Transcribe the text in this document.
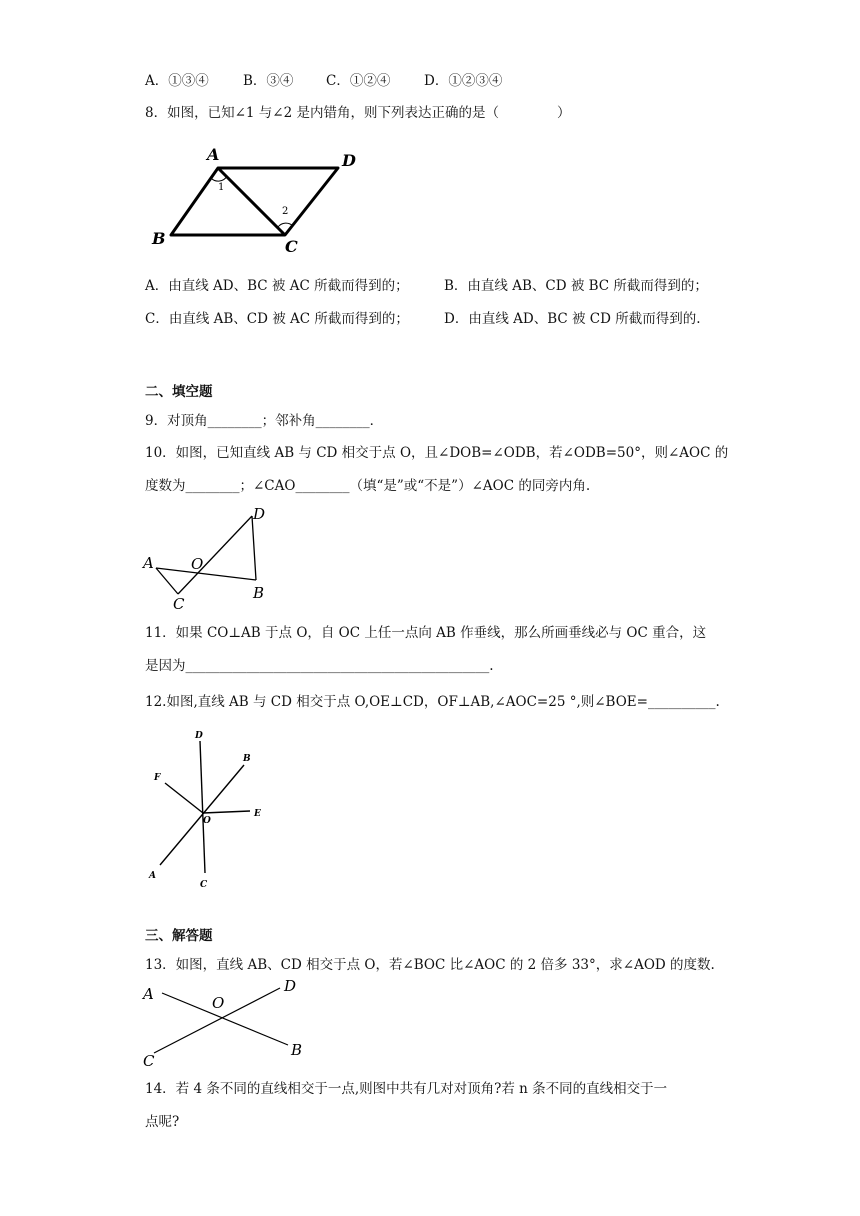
A．①③④	B．③④ C．①②④ D．①②③④
8．如图，已知∠1 与∠2 是内错角，则下列表达正确的是（	）
A	D
B	C
1
2
A．由直线 AD、BC 被 AC 所截而得到的；	B．由直线 AB、CD 被 BC 所截而得到的；
C．由直线 AB、CD 被 AC 所截而得到的；	D．由直线 AD、BC 被 CD 所截而得到的.
二、填空题
9．对顶角________；邻补角________．
10．如图，已知直线 AB 与 CD 相交于点 O，且∠DOB=∠ODB，若∠ODB=50°，则∠AOC 的
度数为________；∠CAO________（填“是”或“不是”）∠AOC 的同旁内角.
A O
D
B
C
11．如果 CO⊥AB 于点 O，自 OC 上任一点向 AB 作垂线，那么所画垂线必与 OC 重合，这
是因为_____________________________________________.
12.如图,直线 AB 与 CD 相交于点 O,OE⊥CD，OF⊥AB,∠AOC=25 °,则∠BOE=__________.
D
B
F
E
O
A
C
三、解答题
13．如图，直线 AB、CD 相交于点 O，若∠BOC 比∠AOC 的 2 倍多 33°，求∠AOD 的度数.
A	O
D
B
C
14．若 4 条不同的直线相交于一点,则图中共有几对对顶角?若 n 条不同的直线相交于一
点呢?
